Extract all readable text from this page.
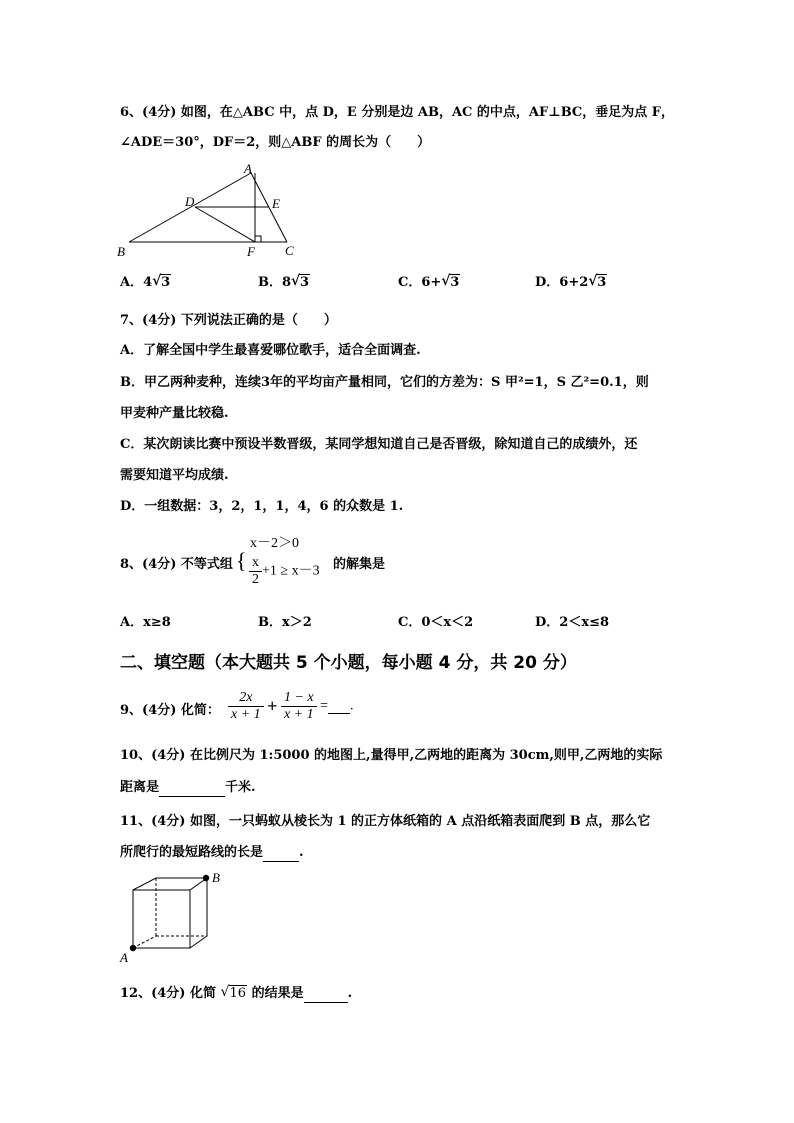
6、(4分) 如图，在△ABC 中，点 D，E 分别是边 AB，AC 的中点，AF⊥BC，垂足为点 F，
∠ADE＝30°，DF＝2，则△ABF 的周长为（　　）
A
B	C
D	E
F
A．4 √ 3	B．8 √ 3	C．6+ √ 3	D．6+2 √ 3
7、(4分) 下列说法正确的是（　　）
A．了解全国中学生最喜爱哪位歌手，适合全面调查.
B．甲乙两种麦种，连续3年的平均亩产量相同，它们的方差为：S 甲²=1，S 乙²=0.1，则
甲麦种产量比较稳.
C．某次朗读比赛中预设半数晋级，某同学想知道自己是否晋级，除知道自己的成绩外，还
需要知道平均成绩.
D．一组数据：3，2，1，1，4，6 的众数是 1.
8、(4分) 不等式组
x－2＞0
{ $\frac{x}{2} +1 \ge x-3$ 的解集是
A．x≥8	B．x＞2	C．0＜x＜2	D．2＜x≤8
二、填空题（本大题共 5 个小题，每小题 4 分，共 20 分）
9、(4分) 化简： $\frac{2x}{x + 1} + \frac{1 - x}{x + 1}$ = .
10、(4分) 在比例尺为 1:5000 的地图上,量得甲,乙两地的距离为 30cm,则甲,乙两地的实际
距离是	千米.
11、(4分) 如图，一只蚂蚁从棱长为 1 的正方体纸箱的 A 点沿纸箱表面爬到 B 点，那么它
所爬行的最短路线的长是	.
A
B
12、(4分) 化简 √ 16 的结果是	.
